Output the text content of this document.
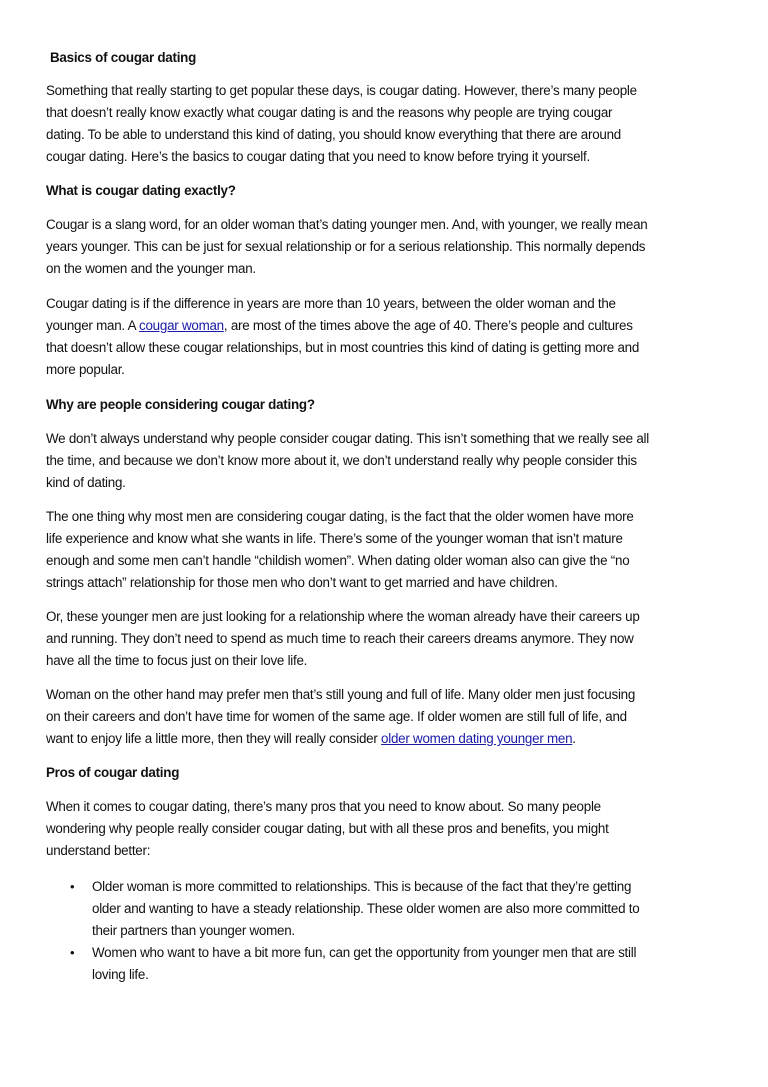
Basics of cougar dating
Something that really starting to get popular these days, is cougar dating. However, there’s many people
that doesn’t really know exactly what cougar dating is and the reasons why people are trying cougar
dating. To be able to understand this kind of dating, you should know everything that there are around
cougar dating. Here’s the basics to cougar dating that you need to know before trying it yourself.
What is cougar dating exactly?
Cougar is a slang word, for an older woman that’s dating younger men. And, with younger, we really mean
years younger. This can be just for sexual relationship or for a serious relationship. This normally depends
on the women and the younger man.
Cougar dating is if the difference in years are more than 10 years, between the older woman and the
younger man. A cougar woman, are most of the times above the age of 40. There’s people and cultures
that doesn’t allow these cougar relationships, but in most countries this kind of dating is getting more and
more popular.
Why are people considering cougar dating?
We don’t always understand why people consider cougar dating. This isn’t something that we really see all
the time, and because we don’t know more about it, we don’t understand really why people consider this
kind of dating.
The one thing why most men are considering cougar dating, is the fact that the older women have more
life experience and know what she wants in life. There’s some of the younger woman that isn’t mature
enough and some men can’t handle “childish women”. When dating older woman also can give the “no
strings attach” relationship for those men who don’t want to get married and have children.
Or, these younger men are just looking for a relationship where the woman already have their careers up
and running. They don’t need to spend as much time to reach their careers dreams anymore. They now
have all the time to focus just on their love life.
Woman on the other hand may prefer men that’s still young and full of life. Many older men just focusing
on their careers and don’t have time for women of the same age. If older women are still full of life, and
want to enjoy life a little more, then they will really consider older women dating younger men.
Pros of cougar dating
When it comes to cougar dating, there’s many pros that you need to know about. So many people
wondering why people really consider cougar dating, but with all these pros and benefits, you might
understand better:
• Older woman is more committed to relationships. This is because of the fact that they’re getting
older and wanting to have a steady relationship. These older women are also more committed to
their partners than younger women.
• Women who want to have a bit more fun, can get the opportunity from younger men that are still
loving life.
